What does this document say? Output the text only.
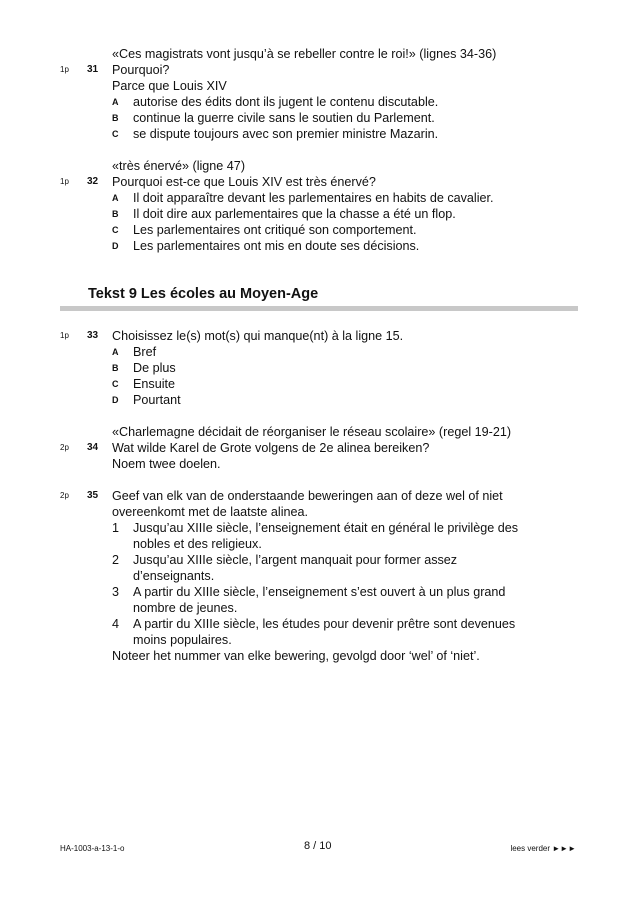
«Ces magistrats vont jusqu’à se rebeller contre le roi!» (lignes 34-36)
1p 31 Pourquoi?
Parce que Louis XIV
A autorise des édits dont ils jugent le contenu discutable.
B continue la guerre civile sans le soutien du Parlement.
C se dispute toujours avec son premier ministre Mazarin.
«très énervé» (ligne 47)
1p 32 Pourquoi est-ce que Louis XIV est très énervé?
A Il doit apparaître devant les parlementaires en habits de cavalier.
B Il doit dire aux parlementaires que la chasse a été un flop.
C Les parlementaires ont critiqué son comportement.
D Les parlementaires ont mis en doute ses décisions.
Tekst 9 Les écoles au Moyen-Age
1p 33 Choisissez le(s) mot(s) qui manque(nt) à la ligne 15.
A Bref
B De plus
C Ensuite
D Pourtant
«Charlemagne décidait de réorganiser le réseau scolaire» (regel 19-21)
2p 34 Wat wilde Karel de Grote volgens de 2e alinea bereiken?
Noem twee doelen.
2p 35 Geef van elk van de onderstaande beweringen aan of deze wel of niet
overeenkomt met de laatste alinea.
1 Jusqu’au XIIIe siècle, l’enseignement était en général le privilège des
nobles et des religieux.
2 Jusqu’au XIIIe siècle, l’argent manquait pour former assez
d’enseignants.
3 A partir du XIIIe siècle, l’enseignement s’est ouvert à un plus grand
nombre de jeunes.
4 A partir du XIIIe siècle, les études pour devenir prêtre sont devenues
moins populaires.
Noteer het nummer van elke bewering, gevolgd door ‘wel’ of ‘niet’.
HA-1003-a-13-1-o	8 / 10	lees verder ►►►
